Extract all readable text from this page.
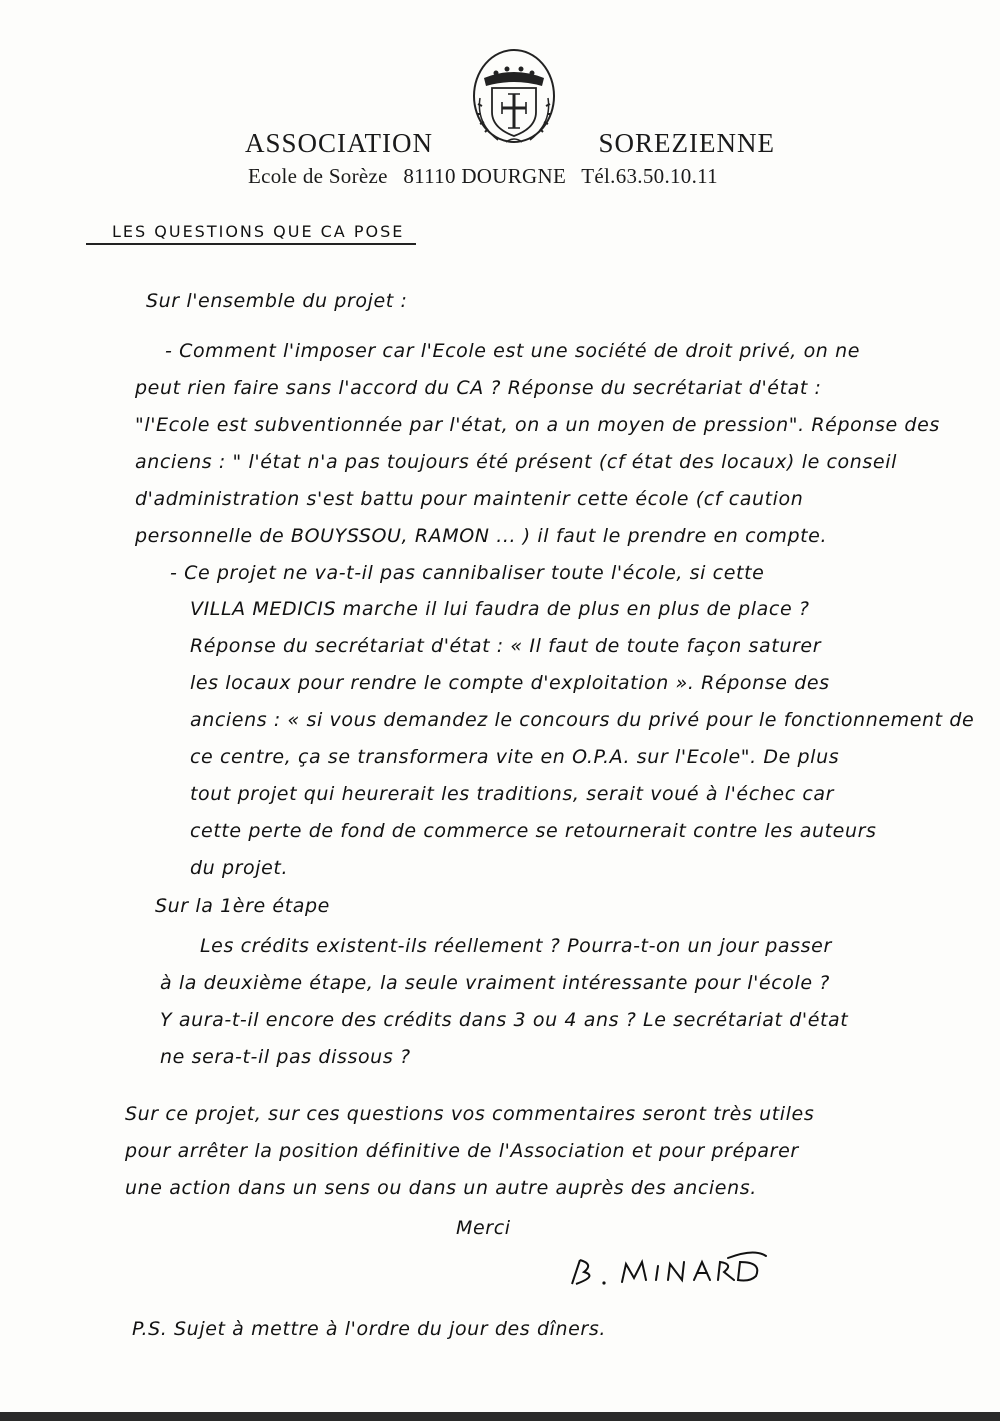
ASSOCIATION	SOREZIENNE
Ecole de Sorèze 81110 DOURGNE Tél.63.50.10.11
LES QUESTIONS QUE CA POSE
Sur l'ensemble du projet :
- Comment l'imposer car l'Ecole est une société de droit privé, on ne
peut rien faire sans l'accord du CA ? Réponse du secrétariat d'état :
"l'Ecole est subventionnée par l'état, on a un moyen de pression". Réponse des
anciens : " l'état n'a pas toujours été présent (cf état des locaux) le conseil
d'administration s'est battu pour maintenir cette école (cf caution
personnelle de BOUYSSOU, RAMON ... ) il faut le prendre en compte.
- Ce projet ne va-t-il pas cannibaliser toute l'école, si cette
VILLA MEDICIS marche il lui faudra de plus en plus de place ?
Réponse du secrétariat d'état : « Il faut de toute façon saturer
les locaux pour rendre le compte d'exploitation ». Réponse des
anciens : « si vous demandez le concours du privé pour le fonctionnement de
ce centre, ça se transformera vite en O.P.A. sur l'Ecole". De plus
tout projet qui heurerait les traditions, serait voué à l'échec car
cette perte de fond de commerce se retournerait contre les auteurs
du projet.
Sur la 1ère étape
Les crédits existent-ils réellement ? Pourra-t-on un jour passer
à la deuxième étape, la seule vraiment intéressante pour l'école ?
Y aura-t-il encore des crédits dans 3 ou 4 ans ? Le secrétariat d'état
ne sera-t-il pas dissous ?
Sur ce projet, sur ces questions vos commentaires seront très utiles
pour arrêter la position définitive de l'Association et pour préparer
une action dans un sens ou dans un autre auprès des anciens.
Merci
P.S. Sujet à mettre à l'ordre du jour des dîners.
